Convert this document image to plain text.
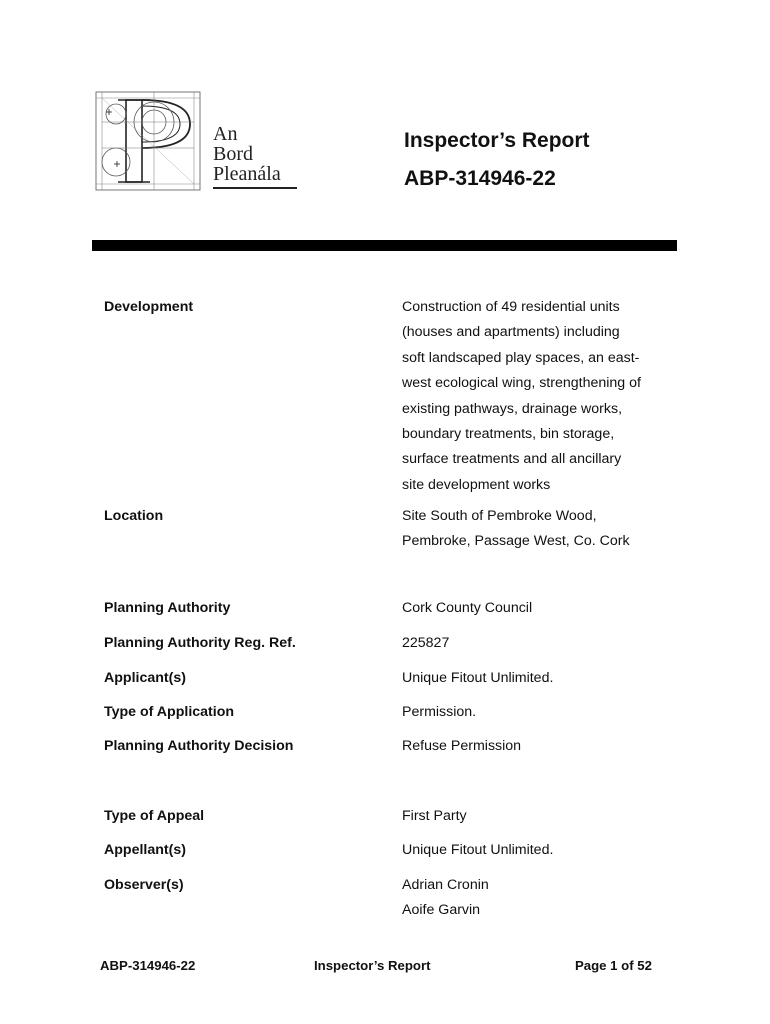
An
Bord
Pleanála
Inspector’s Report
ABP-314946-22
Development	Construction of 49 residential units
(houses and apartments) including
soft landscaped play spaces, an east-
west ecological wing, strengthening of
existing pathways, drainage works,
boundary treatments, bin storage,
surface treatments and all ancillary
site development works
Location	Site South of Pembroke Wood,
Pembroke, Passage West, Co. Cork
Planning Authority	Cork County Council
Planning Authority Reg. Ref.	225827
Applicant(s)	Unique Fitout Unlimited.
Type of Application	Permission.
Planning Authority Decision	Refuse Permission
Type of Appeal	First Party
Appellant(s)	Unique Fitout Unlimited.
Observer(s)	Adrian Cronin
Aoife Garvin
ABP-314946-22	Inspector’s Report	Page 1 of 52
